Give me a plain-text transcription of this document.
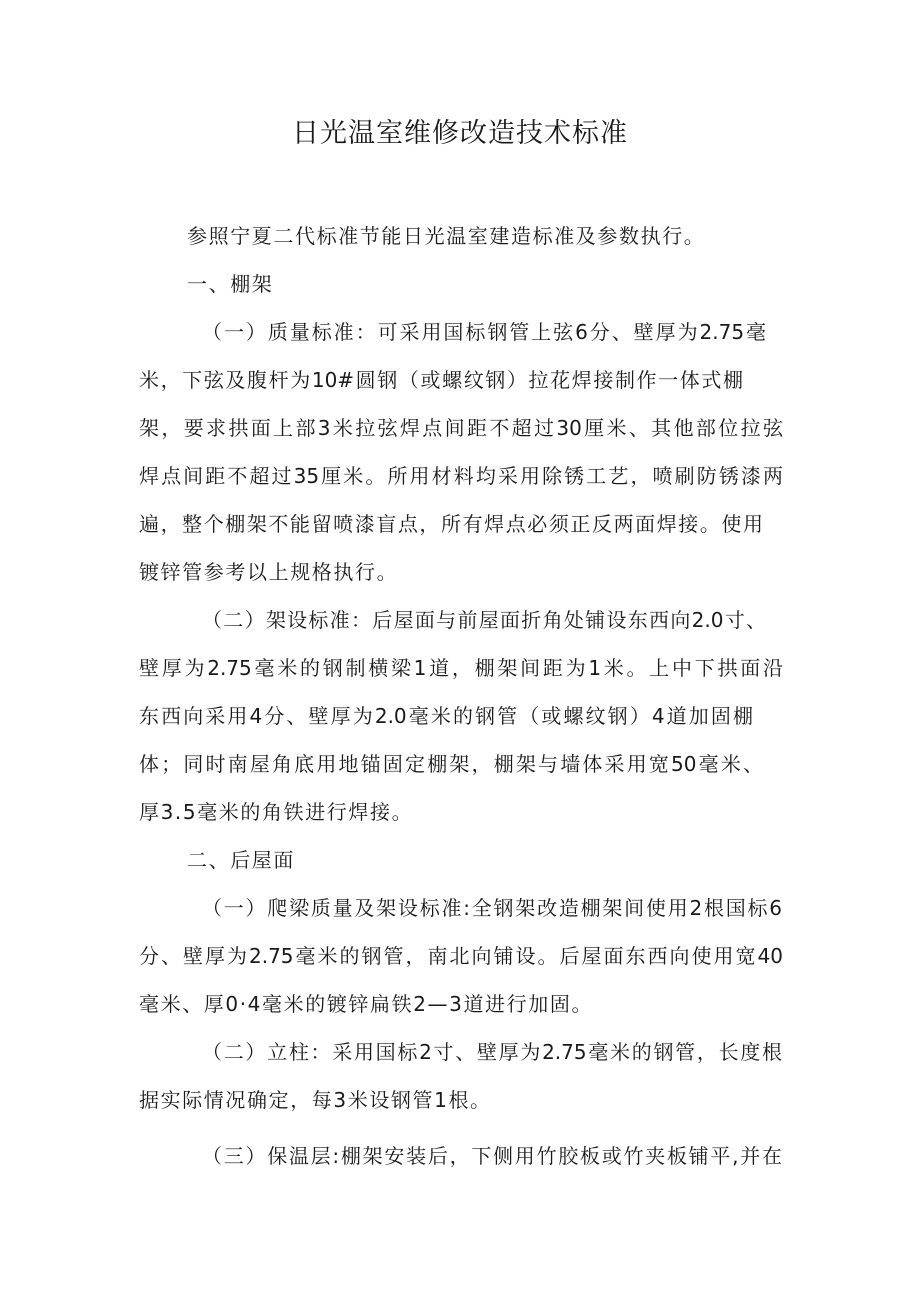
日光温室维修改造技术标准
参照宁夏二代标准节能日光温室建造标准及参数执行。
一、棚架
（一）质量标准：可采用国标钢管上弦6分、壁厚为2.75毫
米，下弦及腹杆为10#圆钢（或螺纹钢）拉花焊接制作一体式棚
架，要求拱面上部3米拉弦焊点间距不超过30厘米、其他部位拉弦
焊点间距不超过35厘米。所用材料均采用除锈工艺，喷刷防锈漆两
遍，整个棚架不能留喷漆盲点，所有焊点必须正反两面焊接。使用
镀锌管参考以上规格执行。
（二）架设标准：后屋面与前屋面折角处铺设东西向2.0寸、
壁厚为2.75毫米的钢制横梁1道，棚架间距为1米。上中下拱面沿
东西向采用4分、壁厚为2.0毫米的钢管（或螺纹钢）4道加固棚
体；同时南屋角底用地锚固定棚架，棚架与墙体采用宽50毫米、
厚3.5毫米的角铁进行焊接。
二、后屋面
（一）爬梁质量及架设标准:全钢架改造棚架间使用2根国标6
分、壁厚为2.75毫米的钢管，南北向铺设。后屋面东西向使用宽40
毫米、厚0·4毫米的镀锌扁铁2—3道进行加固。
（二）立柱：采用国标2寸、壁厚为2.75毫米的钢管，长度根
据实际情况确定，每3米设钢管1根。
（三）保温层:棚架安装后，下侧用竹胶板或竹夹板铺平,并在
